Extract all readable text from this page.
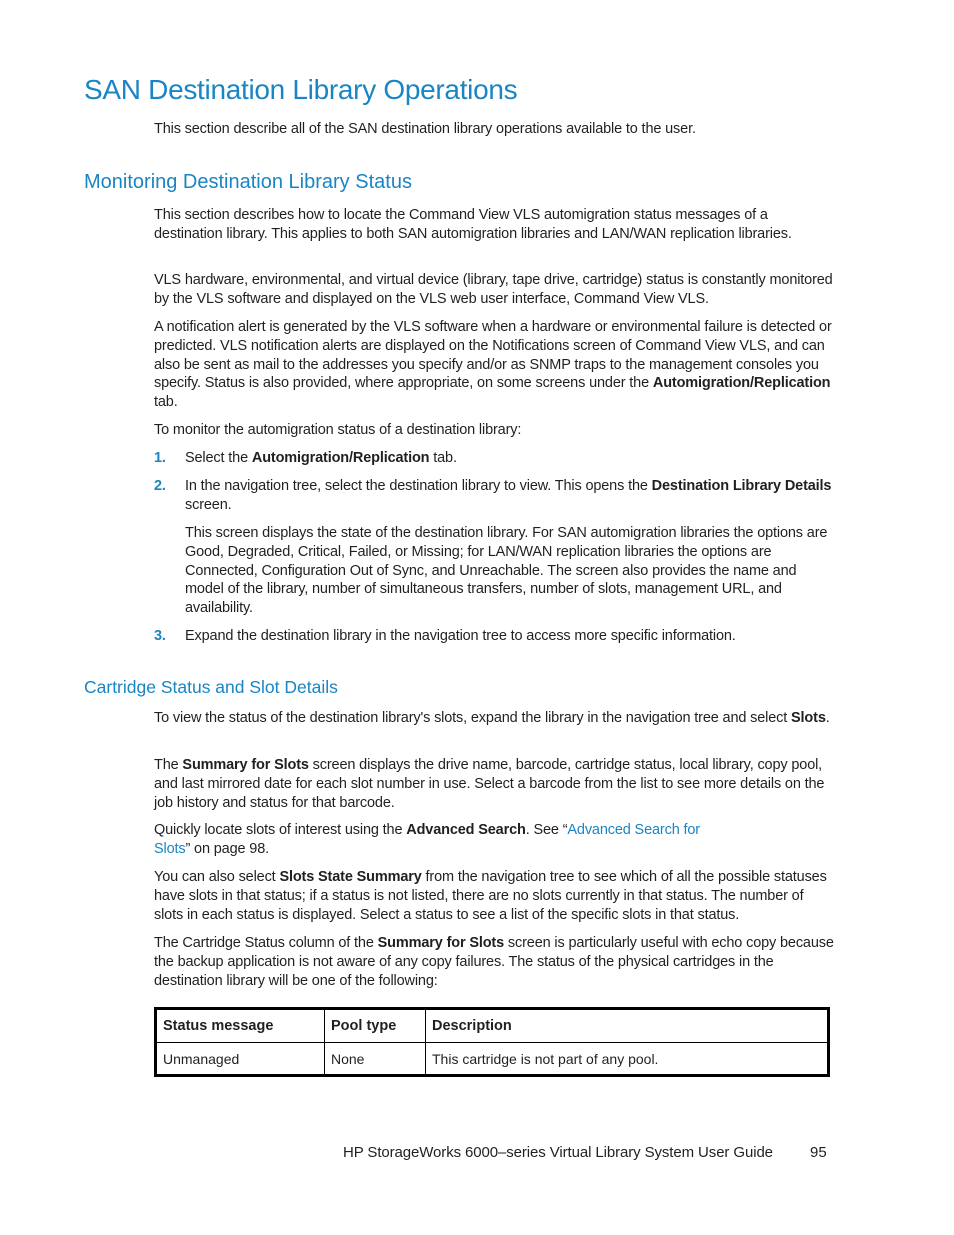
SAN Destination Library Operations

This section describe all of the SAN destination library operations available to the user.

Monitoring Destination Library Status

This section describes how to locate the Command View VLS automigration status messages of a destination library. This applies to both SAN automigration libraries and LAN/WAN replication libraries.

VLS hardware, environmental, and virtual device (library, tape drive, cartridge) status is constantly monitored by the VLS software and displayed on the VLS web user interface, Command View VLS.

A notification alert is generated by the VLS software when a hardware or environmental failure is detected or predicted. VLS notification alerts are displayed on the Notifications screen of Command View VLS, and can also be sent as mail to the addresses you specify and/or as SNMP traps to the management consoles you specify. Status is also provided, where appropriate, on some screens under the Automigration/Replication tab.

To monitor the automigration status of a destination library:

1.	Select the Automigration/Replication tab.
2.	In the navigation tree, select the destination library to view. This opens the Destination Library Details screen.

This screen displays the state of the destination library. For SAN automigration libraries the options are Good, Degraded, Critical, Failed, or Missing; for LAN/WAN replication libraries the options are Connected, Configuration Out of Sync, and Unreachable. The screen also provides the name and model of the library, number of simultaneous transfers, number of slots, management URL, and availability.

3.	Expand the destination library in the navigation tree to access more specific information.
Cartridge Status and Slot Details

To view the status of the destination library's slots, expand the library in the navigation tree and select Slots.

The Summary for Slots screen displays the drive name, barcode, cartridge status, local library, copy pool, and last mirrored date for each slot number in use. Select a barcode from the list to see more details on the job history and status for that barcode.

Quickly locate slots of interest using the Advanced Search. See “Advanced Search for
Slots” on page 98.

You can also select Slots State Summary from the navigation tree to see which of all the possible statuses have slots in that status; if a status is not listed, there are no slots currently in that status. The number of slots in each status is displayed. Select a status to see a list of the specific slots in that status.

The Cartridge Status column of the Summary for Slots screen is particularly useful with echo copy because the backup application is not aware of any copy failures. The status of the physical cartridges in the destination library will be one of the following:

Status message	Pool type	Description
Unmanaged	None	This cartridge is not part of any pool.
HP StorageWorks 6000–series Virtual Library System User Guide 95
